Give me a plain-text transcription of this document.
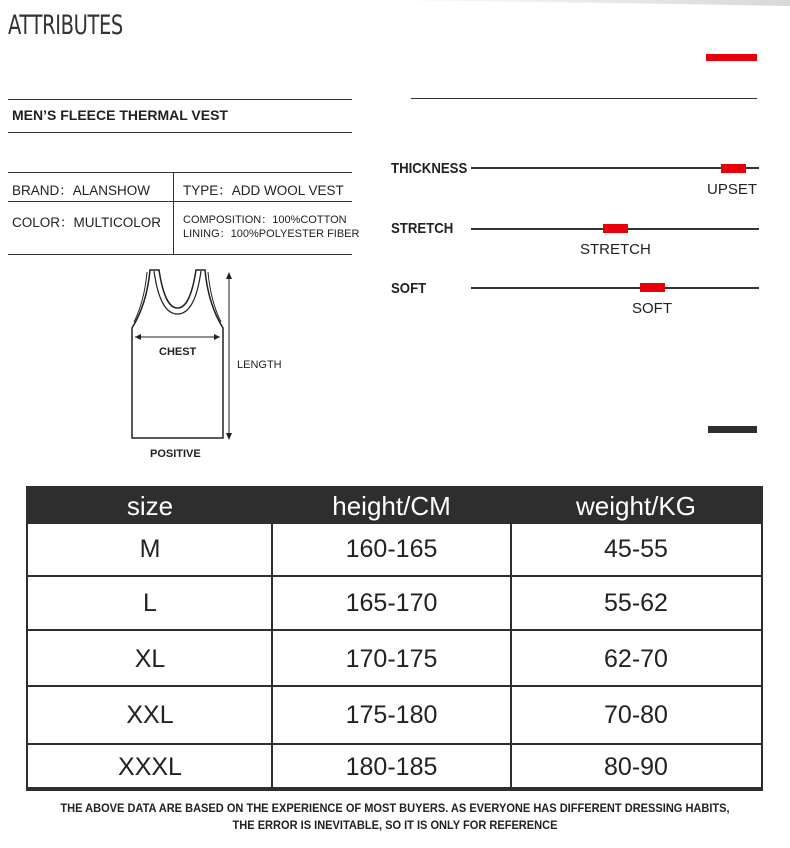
ATTRIBUTES
MEN’S FLEECE THERMAL VEST
BRAND：ALANSHOW TYPE：ADD WOOL VEST
COLOR：MULTICOLOR COMPOSITION：100%COTTON
LINING：100%POLYESTER FIBER
CHEST
LENGTH
POSITIVE
THICKNESS
UPSET
STRETCH
STRETCH
SOFT
SOFT
size	height/CM	weight/KG
M	160-165	45-55
L	165-170	55-62
XL	170-175	62-70
XXL	175-180	70-80
XXXL	180-185	80-90
THE ABOVE DATA ARE BASED ON THE EXPERIENCE OF MOST BUYERS. AS EVERYONE HAS DIFFERENT DRESSING HABITS,
THE ERROR IS INEVITABLE, SO IT IS ONLY FOR REFERENCE
